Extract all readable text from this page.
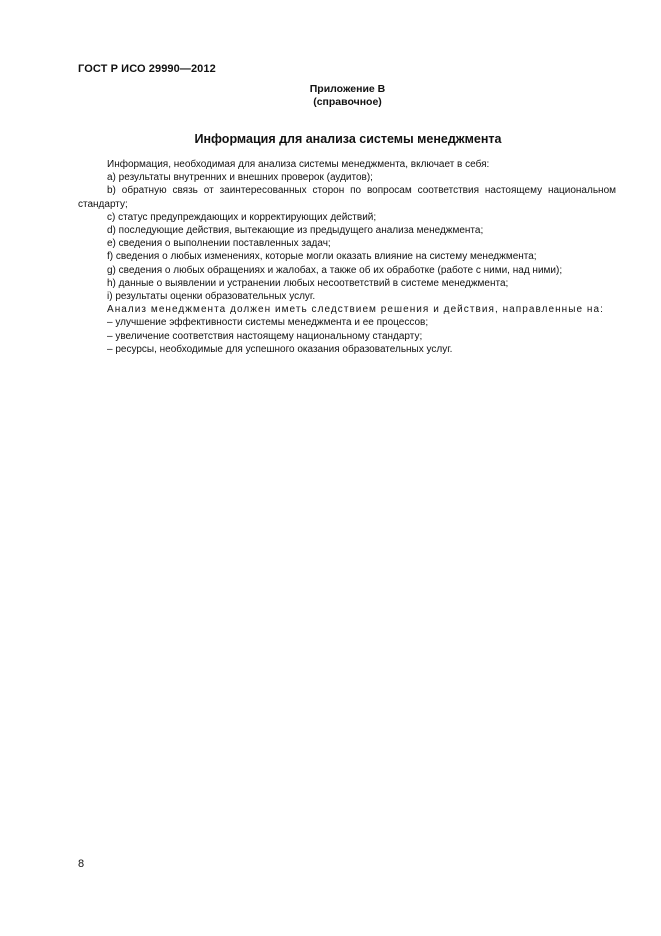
ГОСТ Р ИСО 29990—2012
Приложение В
(справочное)
Информация для анализа системы менеджмента

Информация, необходимая для анализа системы менеджмента, включает в себя:

a) результаты внутренних и внешних проверок (аудитов);

b) обратную связь от заинтересованных сторон по вопросам соответствия настоящему национальном стандарту;

c) статус предупреждающих и корректирующих действий;

d) последующие действия, вытекающие из предыдущего анализа менеджмента;

e) сведения о выполнении поставленных задач;

f) сведения о любых изменениях, которые могли оказать влияние на систему менеджмента;

g) сведения о любых обращениях и жалобах, а также об их обработке (работе с ними, над ними);

h) данные о выявлении и устранении любых несоответствий в системе менеджмента;

i) результаты оценки образовательных услуг.

Анализ менеджмента должен иметь следствием решения и действия, направленные на:

– улучшение эффективности системы менеджмента и ее процессов;

– увеличение соответствия настоящему национальному стандарту;

– ресурсы, необходимые для успешного оказания образовательных услуг.

8
